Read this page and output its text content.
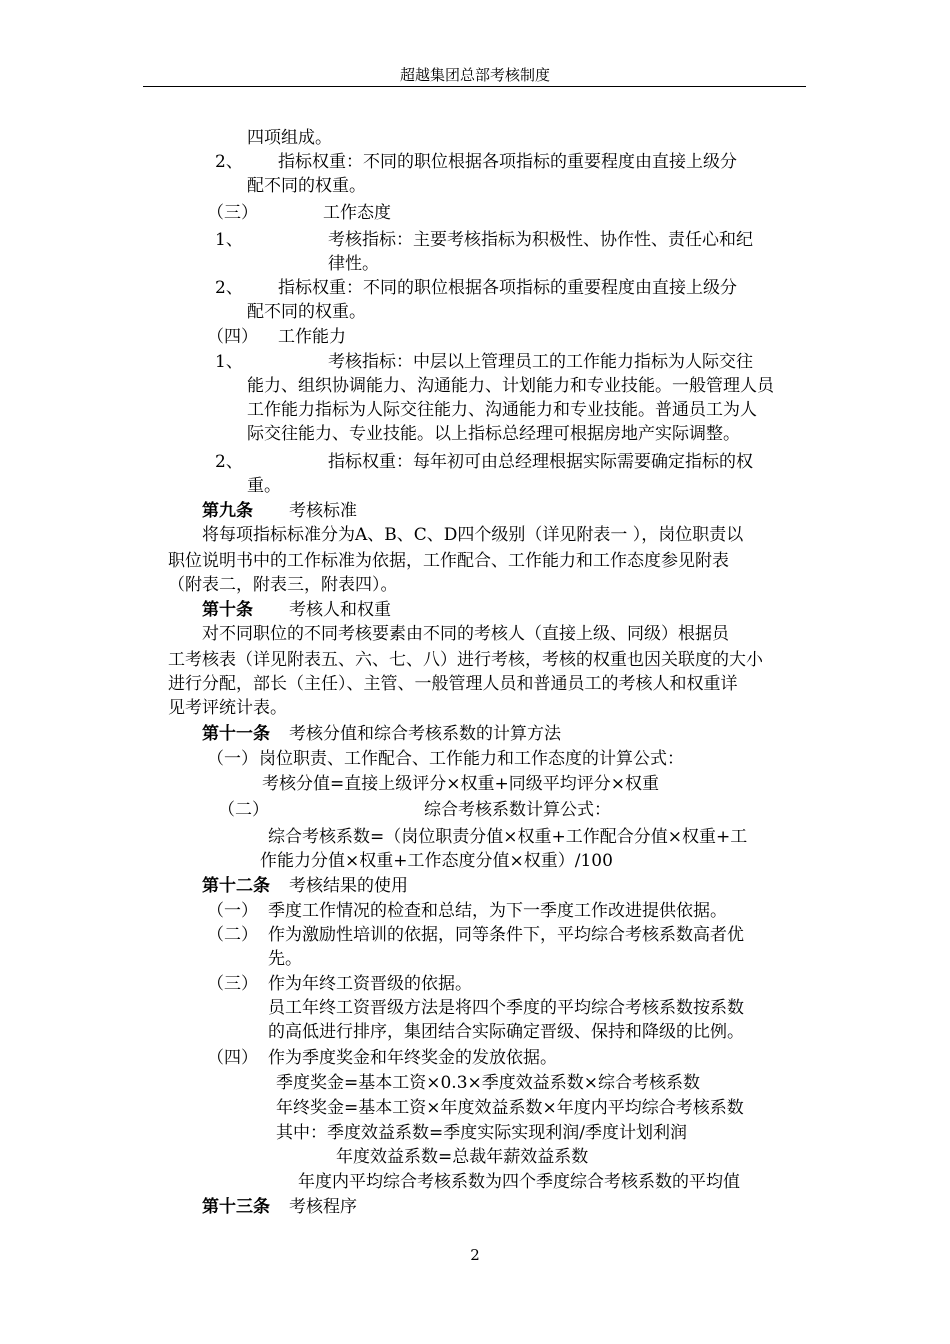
超越集团总部考核制度
四项组成。
2、 指标权重：不同的职位根据各项指标的重要程度由直接上级分
配不同的权重。
（三）	工作态度
1、	考核指标：主要考核指标为积极性、协作性、责任心和纪
律性。
2、 指标权重：不同的职位根据各项指标的重要程度由直接上级分
配不同的权重。
（四） 工作能力
1、	考核指标：中层以上管理员工的工作能力指标为人际交往
能力、组织协调能力、沟通能力、计划能力和专业技能。一般管理人员
工作能力指标为人际交往能力、沟通能力和专业技能。普通员工为人
际交往能力、专业技能。以上指标总经理可根据房地产实际调整。
2、	指标权重：每年初可由总经理根据实际需要确定指标的权
重。
第九条 考核标准
将每项指标标准分为A、B、C、D四个级别（详见附表一 ），岗位职责以
职位说明书中的工作标准为依据，工作配合、工作能力和工作态度参见附表
（附表二，附表三，附表四）。
第十条 考核人和权重
对不同职位的不同考核要素由不同的考核人（直接上级、同级）根据员
工考核表（详见附表五、六、七、八）进行考核，考核的权重也因关联度的大小
进行分配，部长（主任）、主管、一般管理人员和普通员工的考核人和权重详
见考评统计表。
第十一条 考核分值和综合考核系数的计算方法
（一） 岗位职责、工作配合、工作能力和工作态度的计算公式：
考核分值=直接上级评分×权重+同级平均评分×权重
（二）	综合考核系数计算公式：
综合考核系数=（岗位职责分值×权重+工作配合分值×权重+工
作能力分值×权重+工作态度分值×权重）/100
第十二条 考核结果的使用
（一） 季度工作情况的检查和总结，为下一季度工作改进提供依据。
（二） 作为激励性培训的依据，同等条件下，平均综合考核系数高者优
先。
（三） 作为年终工资晋级的依据。
员工年终工资晋级方法是将四个季度的平均综合考核系数按系数
的高低进行排序，集团结合实际确定晋级、保持和降级的比例。
（四） 作为季度奖金和年终奖金的发放依据。
季度奖金=基本工资×0.3×季度效益系数×综合考核系数
年终奖金=基本工资×年度效益系数×年度内平均综合考核系数
其中：季度效益系数=季度实际实现利润/季度计划利润
年度效益系数=总裁年薪效益系数
年度内平均综合考核系数为四个季度综合考核系数的平均值
第十三条 考核程序
2
